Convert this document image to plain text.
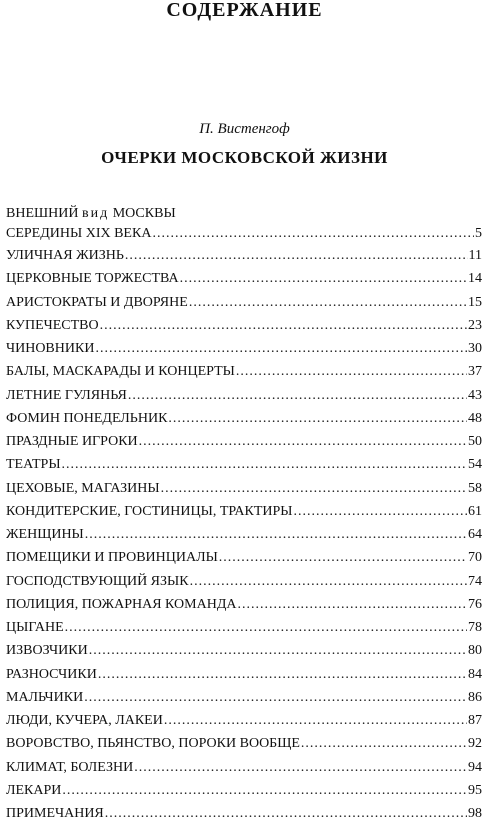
СОДЕРЖАНИЕ
П. Вистенгоф
ОЧЕРКИ МОСКОВСКОЙ ЖИЗНИ
ВНЕШНИЙ вид МОСКВЫ
СЕРЕДИНЫ XIX ВЕКА .....	5
УЛИЧНАЯ ЖИЗНЬ .....	11
ЦЕРКОВНЫЕ ТОРЖЕСТВА .....	14
АРИСТОКРАТЫ И ДВОРЯНЕ .....	15
КУПЕЧЕСТВО .....	23
ЧИНОВНИКИ .....	30
БАЛЫ, МАСКАРАДЫ И КОНЦЕРТЫ .....	37
ЛЕТНИЕ ГУЛЯНЬЯ .....	43
ФОМИН ПОНЕДЕЛЬНИК .....	48
ПРАЗДНЫЕ ИГРОКИ .....	50
ТЕАТРЫ .....	54
ЦЕХОВЫЕ, МАГАЗИНЫ .....	58
КОНДИТЕРСКИЕ, ГОСТИНИЦЫ, ТРАКТИРЫ .....	61
ЖЕНЩИНЫ .....	64
ПОМЕЩИКИ И ПРОВИНЦИАЛЫ .....	70
ГОСПОДСТВУЮЩИЙ ЯЗЫК .....	74
ПОЛИЦИЯ, ПОЖАРНАЯ КОМАНДА .....	76
ЦЫГАНЕ .....	78
ИЗВОЗЧИКИ .....	80
РАЗНОСЧИКИ .....	84
МАЛЬЧИКИ .....	86
ЛЮДИ, КУЧЕРА, ЛАКЕИ .....	87
ВОРОВСТВО, ПЬЯНСТВО, ПОРОКИ ВООБЩЕ .....	92
КЛИМАТ, БОЛЕЗНИ .....	94
ЛЕКАРИ .....	95
ПРИМЕЧАНИЯ .....	98
